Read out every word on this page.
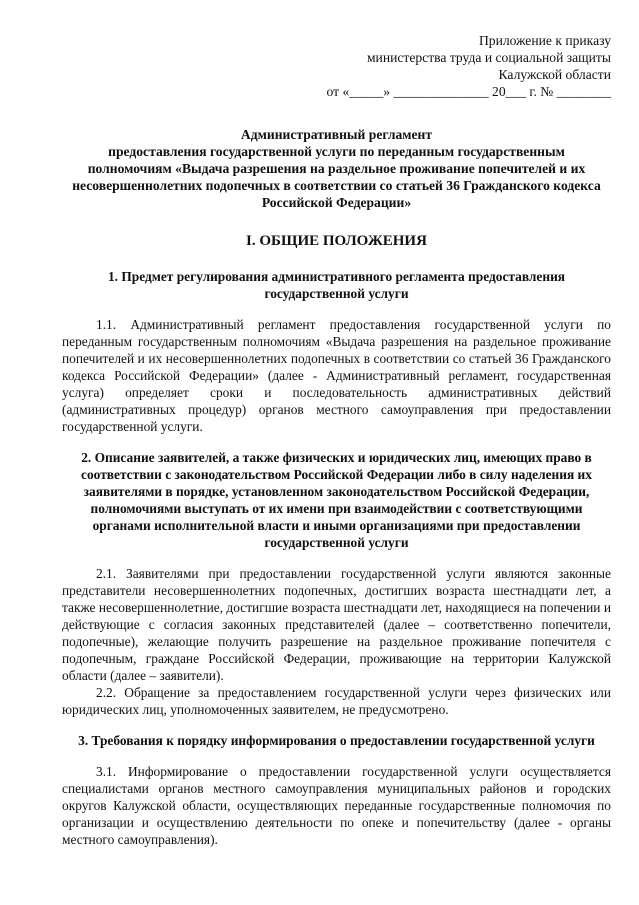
Приложение к приказу
министерства труда и социальной защиты
Калужской области
от «_____» ______________ 20___ г. № ________
Административный регламент
предоставления государственной услуги по переданным государственным
полномочиям «Выдача разрешения на раздельное проживание попечителей и их
несовершеннолетних подопечных в соответствии со статьей 36 Гражданского кодекса
Российской Федерации»
I. ОБЩИЕ ПОЛОЖЕНИЯ
1. Предмет регулирования административного регламента предоставления государственной услуги

1.1. Административный регламент предоставления государственной услуги по переданным государственным полномочиям «Выдача разрешения на раздельное проживание попечителей и их несовершеннолетних подопечных в соответствии со статьей 36 Гражданского кодекса Российской Федерации» (далее - Административный регламент, государственная услуга) определяет сроки и последовательность административных действий (административных процедур) органов местного самоуправления при предоставлении государственной услуги.

2. Описание заявителей, а также физических и юридических лиц, имеющих право в соответствии с законодательством Российской Федерации либо в силу наделения их заявителями в порядке, установленном законодательством Российской Федерации, полномочиями выступать от их имени при взаимодействии с соответствующими органами исполнительной власти и иными организациями при предоставлении государственной услуги

2.1. Заявителями при предоставлении государственной услуги являются законные представители несовершеннолетних подопечных, достигших возраста шестнадцати лет, а также несовершеннолетние, достигшие возраста шестнадцати лет, находящиеся на попечении и действующие с согласия законных представителей (далее – соответственно попечители, подопечные), желающие получить разрешение на раздельное проживание попечителя с подопечным, граждане Российской Федерации, проживающие на территории Калужской области (далее – заявители).

2.2. Обращение за предоставлением государственной услуги через физических или юридических лиц, уполномоченных заявителем, не предусмотрено.

3. Требования к порядку информирования о предоставлении государственной услуги

3.1. Информирование о предоставлении государственной услуги осуществляется специалистами органов местного самоуправления муниципальных районов и городских округов Калужской области, осуществляющих переданные государственные полномочия по организации и осуществлению деятельности по опеке и попечительству (далее - органы местного самоуправления).
